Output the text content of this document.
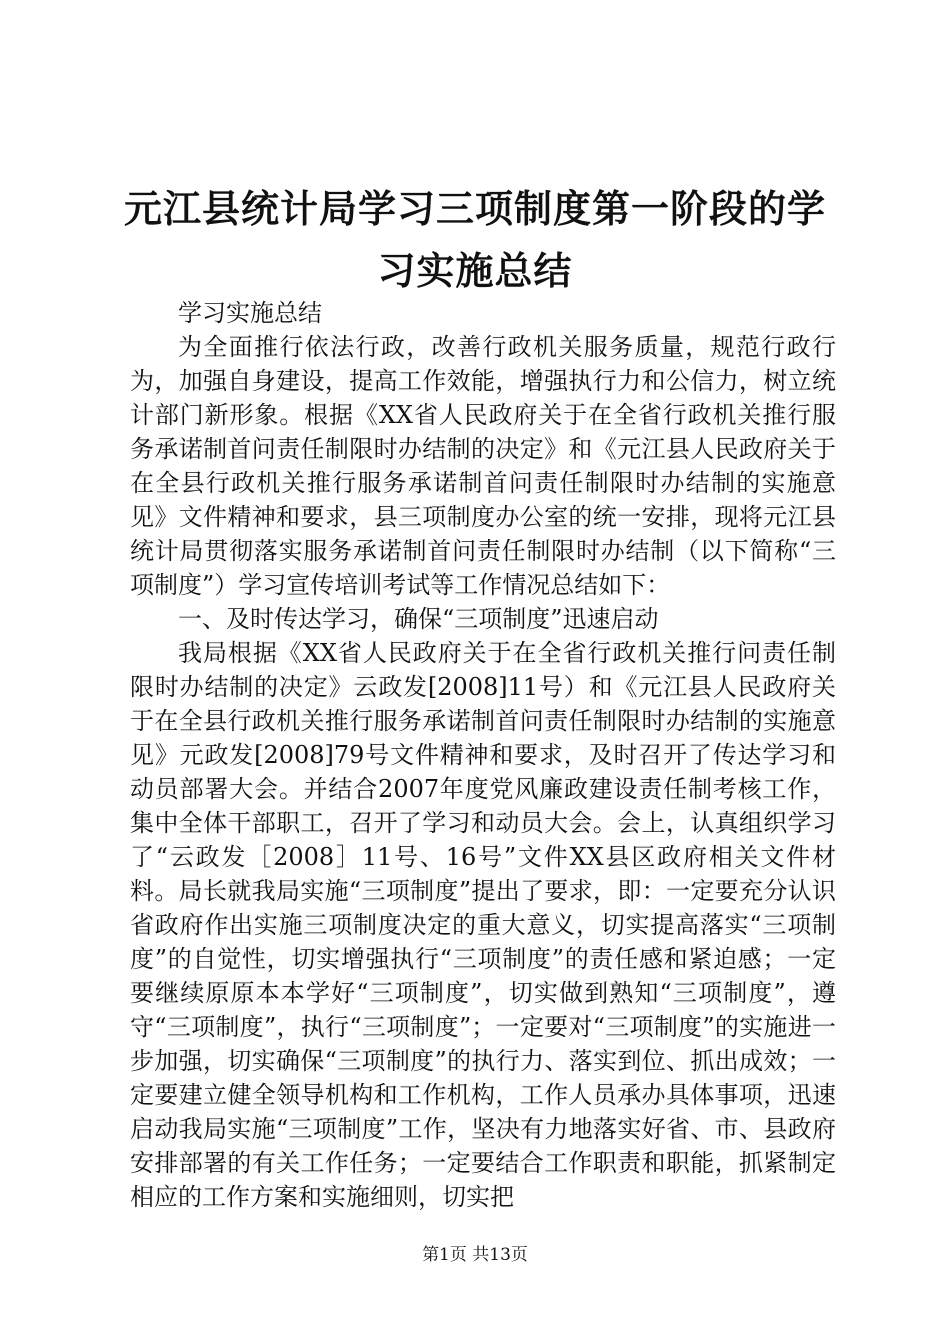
元江县统计局学习三项制度第一阶段的学习实施总结

学习实施总结

为全面推行依法行政，改善行政机关服务质量，规范行政行为，加强自身建设，提高工作效能，增强执行力和公信力，树立统计部门新形象。根据《XX省人民政府关于在全省行政机关推行服务承诺制首问责任制限时办结制的决定》和《元江县人民政府关于在全县行政机关推行服务承诺制首问责任制限时办结制的实施意见》文件精神和要求，县三项制度办公室的统一安排，现将元江县统计局贯彻落实服务承诺制首问责任制限时办结制（以下简称“三项制度”）学习宣传培训考试等工作情况总结如下：

一、及时传达学习，确保“三项制度”迅速启动

我局根据《XX省人民政府关于在全省行政机关推行问责任制限时办结制的决定》云政发[2008]11号）和《元江县人民政府关于在全县行政机关推行服务承诺制首问责任制限时办结制的实施意见》元政发[2008]79号文件精神和要求，及时召开了传达学习和动员部署大会。并结合2007年度党风廉政建设责任制考核工作，集中全体干部职工，召开了学习和动员大会。会上，认真组织学习了“云政发［2008］11号、16号”文件XX县区政府相关文件材料。局长就我局实施“三项制度”提出了要求，即：一定要充分认识省政府作出实施三项制度决定的重大意义，切实提高落实“三项制度”的自觉性，切实增强执行“三项制度”的责任感和紧迫感；一定要继续原原本本学好“三项制度”，切实做到熟知“三项制度”，遵守“三项制度”，执行“三项制度”；一定要对“三项制度”的实施进一步加强，切实确保“三项制度”的执行力、落实到位、抓出成效；一定要建立健全领导机构和工作机构，工作人员承办具体事项，迅速启动我局实施“三项制度”工作，坚决有力地落实好省、市、县政府安排部署的有关工作任务；一定要结合工作职责和职能，抓紧制定相应的工作方案和实施细则，切实把

第1页 共13页
